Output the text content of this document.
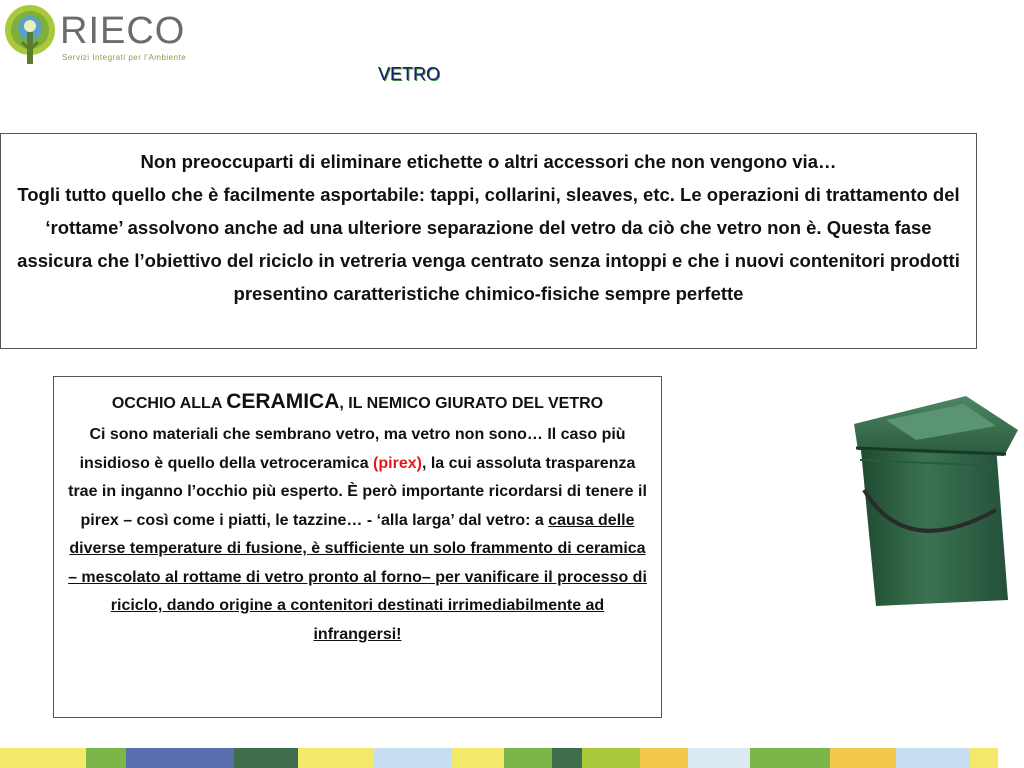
RIECO
Servizi Integrati per l'Ambiente
VETRO

Non preoccuparti di eliminare etichette o altri accessori che non vengono via…

Togli tutto quello che è facilmente asportabile: tappi, collarini, sleaves, etc. Le operazioni di trattamento del ‘rottame’ assolvono anche ad una ulteriore separazione del vetro da ciò che vetro non è. Questa fase assicura che l’obiettivo del riciclo in vetreria venga centrato senza intoppi e che i nuovi contenitori prodotti presentino caratteristiche chimico-fisiche sempre perfette

OCCHIO ALLA CERAMICA, IL NEMICO GIURATO DEL VETRO

Ci sono materiali che sembrano vetro, ma vetro non sono… Il caso più insidioso è quello della vetroceramica (pirex), la cui assoluta trasparenza trae in inganno l’occhio più esperto. È però importante ricordarsi di tenere il pirex – così come i piatti, le tazzine… - ‘alla larga’ dal vetro: a causa delle diverse temperature di fusione, è sufficiente un solo frammento di ceramica – mescolato al rottame di vetro pronto al forno– per vanificare il processo di riciclo, dando origine a contenitori destinati irrimediabilmente ad infrangersi!
